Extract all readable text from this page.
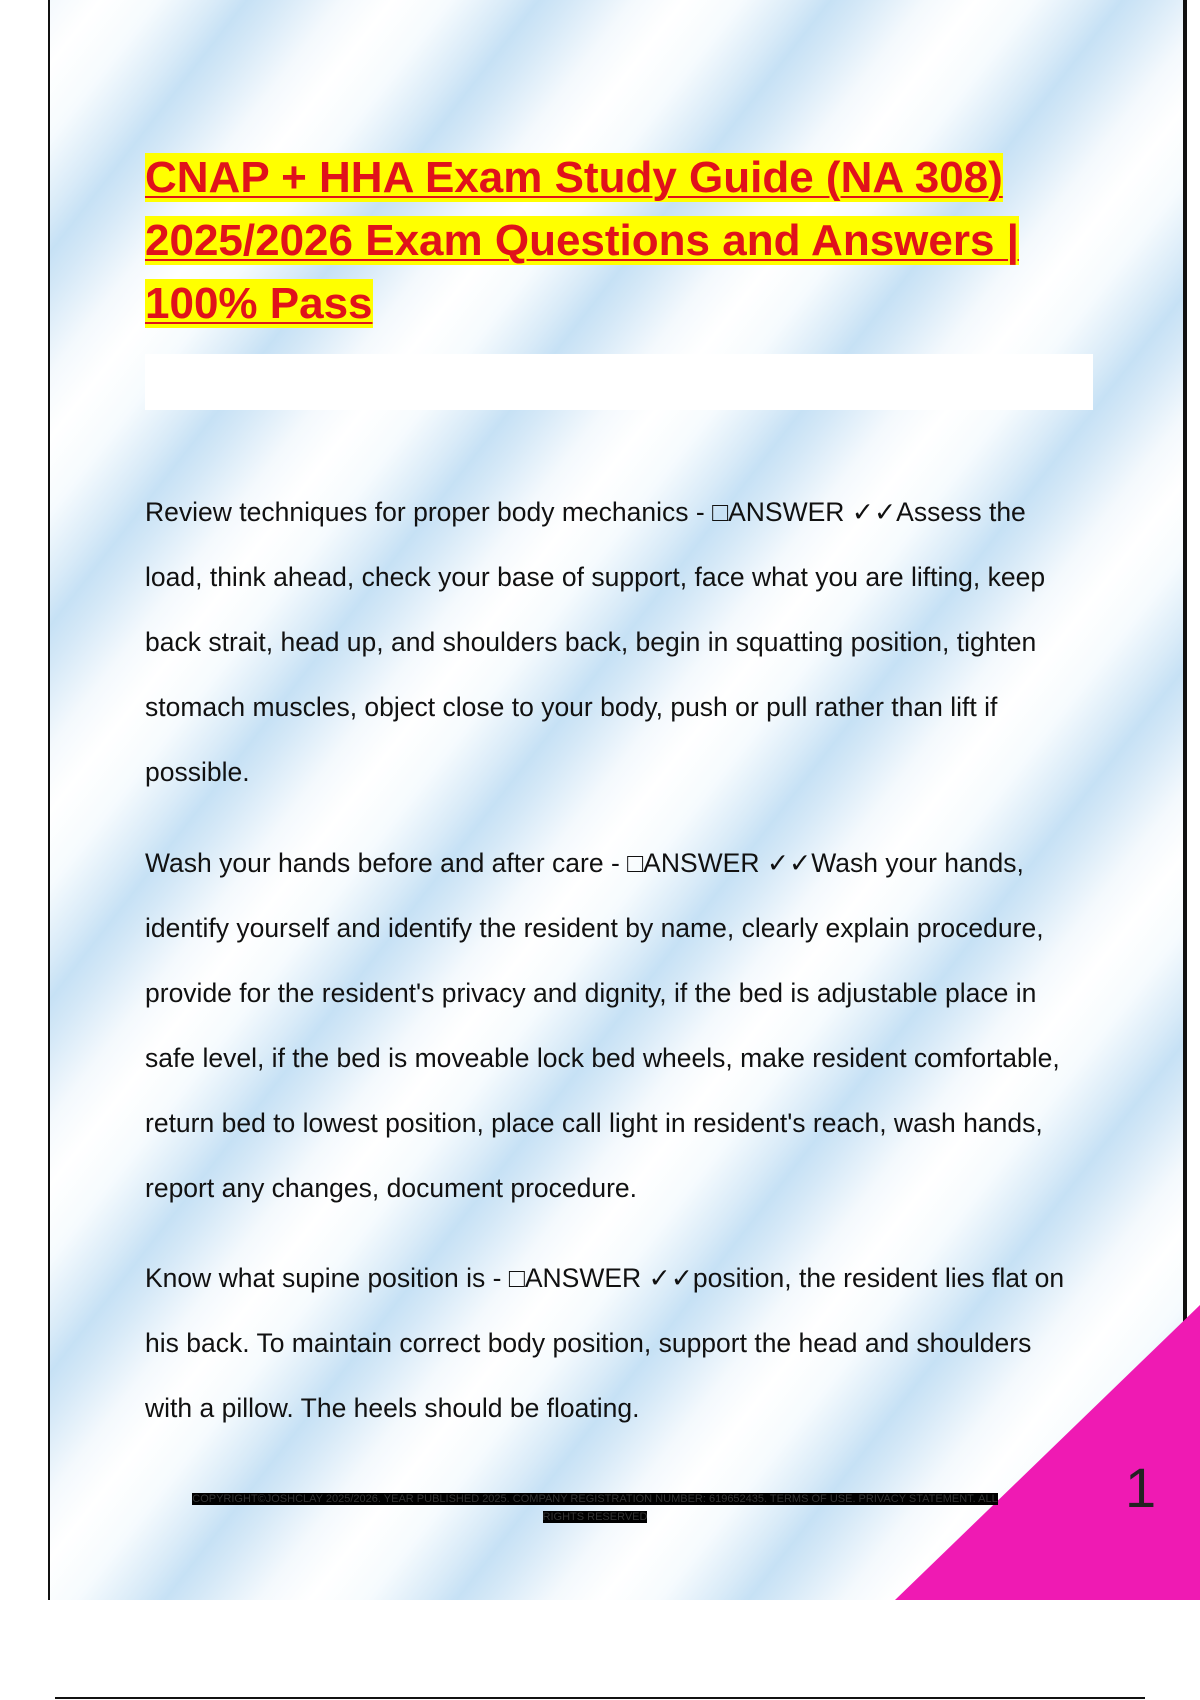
CNAP + HHA Exam Study Guide (NA 308) 2025/2026 Exam Questions and Answers | 100% Pass

Review techniques for proper body mechanics - □ANSWER ✓✓Assess the load, think ahead, check your base of support, face what you are lifting, keep back strait, head up, and shoulders back, begin in squatting position, tighten stomach muscles, object close to your body, push or pull rather than lift if possible.

Wash your hands before and after care - □ANSWER ✓✓Wash your hands, identify yourself and identify the resident by name, clearly explain procedure, provide for the resident's privacy and dignity, if the bed is adjustable place in safe level, if the bed is moveable lock bed wheels, make resident comfortable, return bed to lowest position, place call light in resident's reach, wash hands, report any changes, document procedure.

Know what supine position is - □ANSWER ✓✓position, the resident lies flat on his back. To maintain correct body position, support the head and shoulders with a pillow. The heels should be floating.

COPYRIGHT©JOSHCLAY 2025/2026. YEAR PUBLISHED 2025. COMPANY REGISTRATION NUMBER: 619652435. TERMS OF USE. PRIVACY STATEMENT. ALL RIGHTS RESERVED	1
